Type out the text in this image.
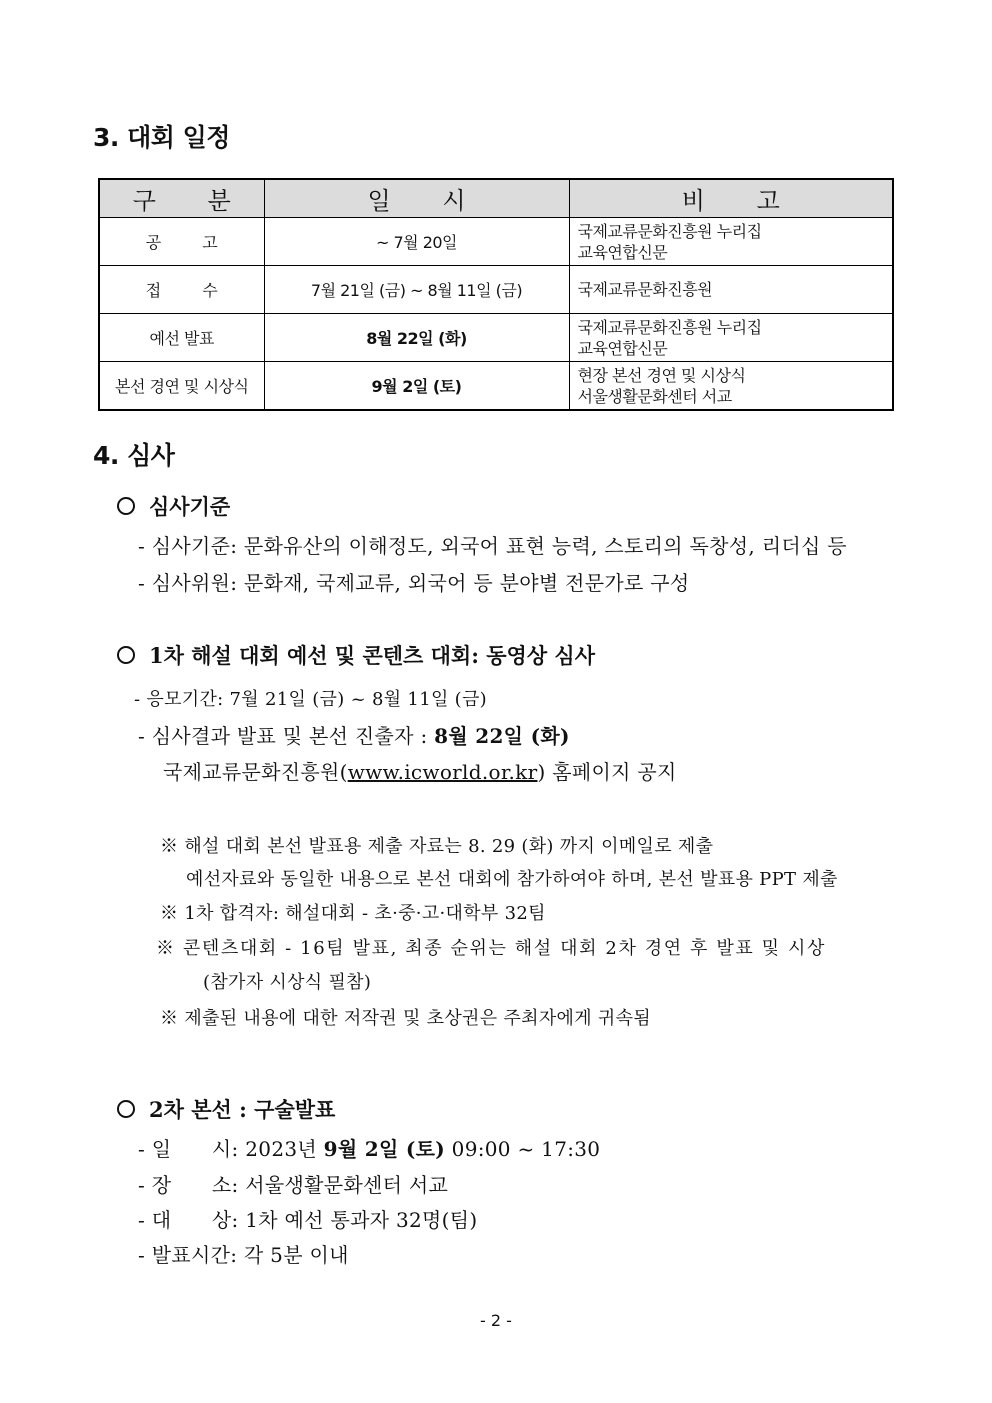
3. 대회 일정
구 분	일 시	비 고
공 고	~ 7월 20일	국제교류문화진흥원 누리집
교육연합신문

접 수	7월 21일 (금) ~ 8월 11일 (금)	국제교류문화진흥원

예선 발표	8월 22일 (화)	국제교류문화진흥원 누리집
교육연합신문

본선 경연 및 시상식	9월 2일 (토)	현장 본선 경연 및 시상식
서울생활문화센터 서교
4. 심사
심사기준
- 심사기준: 문화유산의 이해정도, 외국어 표현 능력, 스토리의 독창성, 리더십 등
- 심사위원: 문화재, 국제교류, 외국어 등 분야별 전문가로 구성
1차 해설 대회 예선 및 콘텐츠 대회: 동영상 심사
- 응모기간: 7월 21일 (금) ~ 8월 11일 (금)
- 심사결과 발표 및 본선 진출자 : 8월 22일 (화)
국제교류문화진흥원(www.icworld.or.kr) 홈페이지 공지
※ 해설 대회 본선 발표용 제출 자료는 8. 29 (화) 까지 이메일로 제출
예선자료와 동일한 내용으로 본선 대회에 참가하여야 하며, 본선 발표용 PPT 제출
※ 1차 합격자: 해설대회 - 초·중·고·대학부 32팀
※ 콘텐츠대회 - 16팀 발표, 최종 순위는 해설 대회 2차 경연 후 발표 및 시상
(참가자 시상식 필참)
※ 제출된 내용에 대한 저작권 및 초상권은 주최자에게 귀속됨
2차 본선 : 구술발표
- 일　　시: 2023년 9월 2일 (토) 09:00 ~ 17:30
- 장　　소: 서울생활문화센터 서교
- 대　　상: 1차 예선 통과자 32명(팀)
- 발표시간: 각 5분 이내
- 2 -
